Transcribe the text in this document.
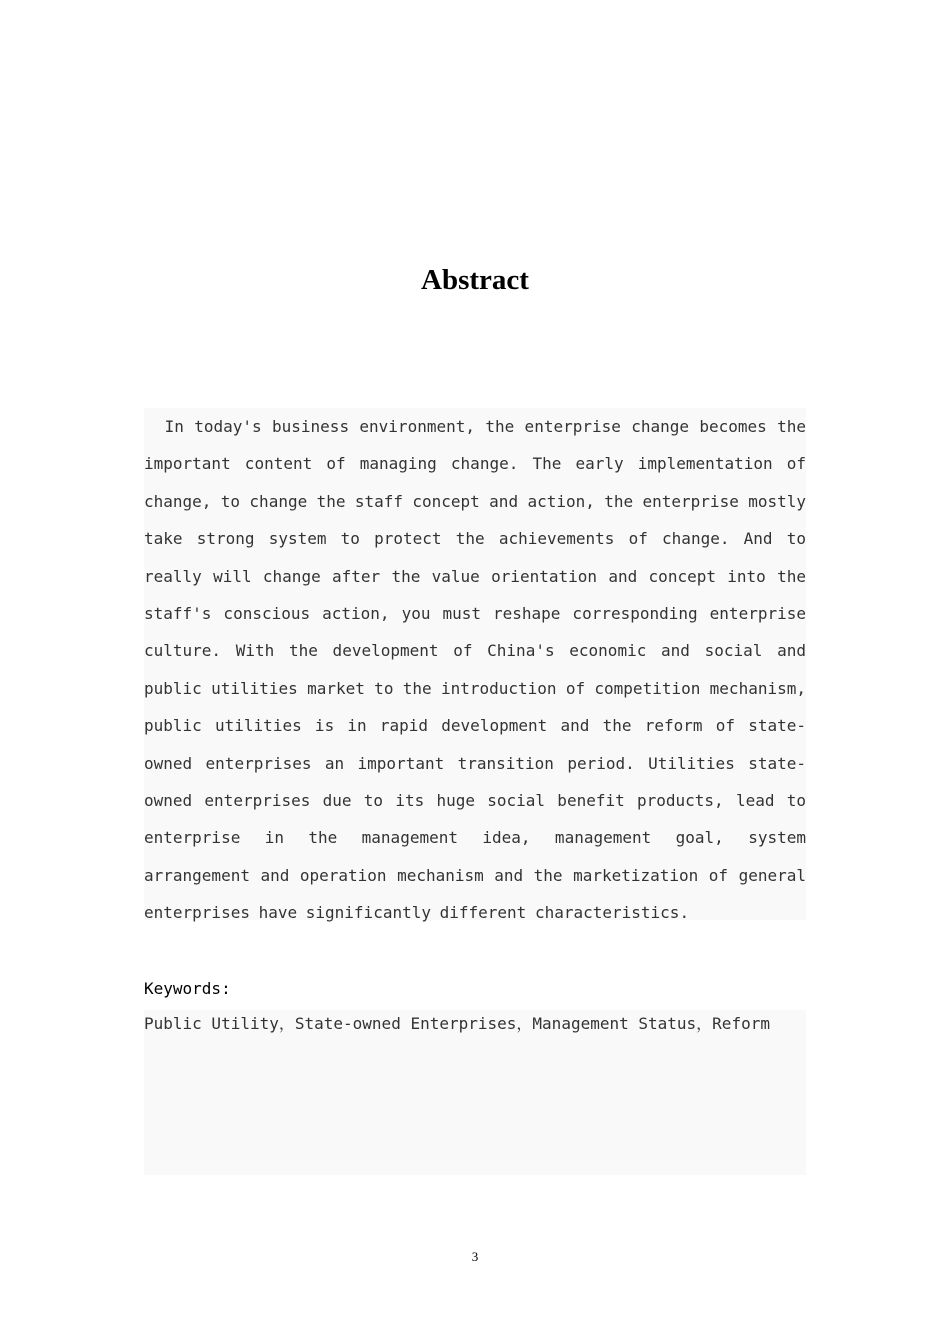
Abstract

In today's business environment, the enterprise change becomes the
important content of managing change. The early implementation of
change, to change the staff concept and action, the enterprise mostly
take strong system to protect the achievements of change. And to
really will change after the value orientation and concept into the
staff's conscious action, you must reshape corresponding enterprise
culture. With the development of China's economic and social and
public utilities market to the introduction of competition mechanism,
public utilities is in rapid development and the reform of state-
owned enterprises an important transition period. Utilities state-
owned enterprises due to its huge social benefit products, lead to
enterprise in the management idea, management goal, system
arrangement and operation mechanism and the marketization of general
enterprises have significantly different characteristics.

Keywords:

Public Utility，State-owned Enterprises，Management Status，Reform

3
